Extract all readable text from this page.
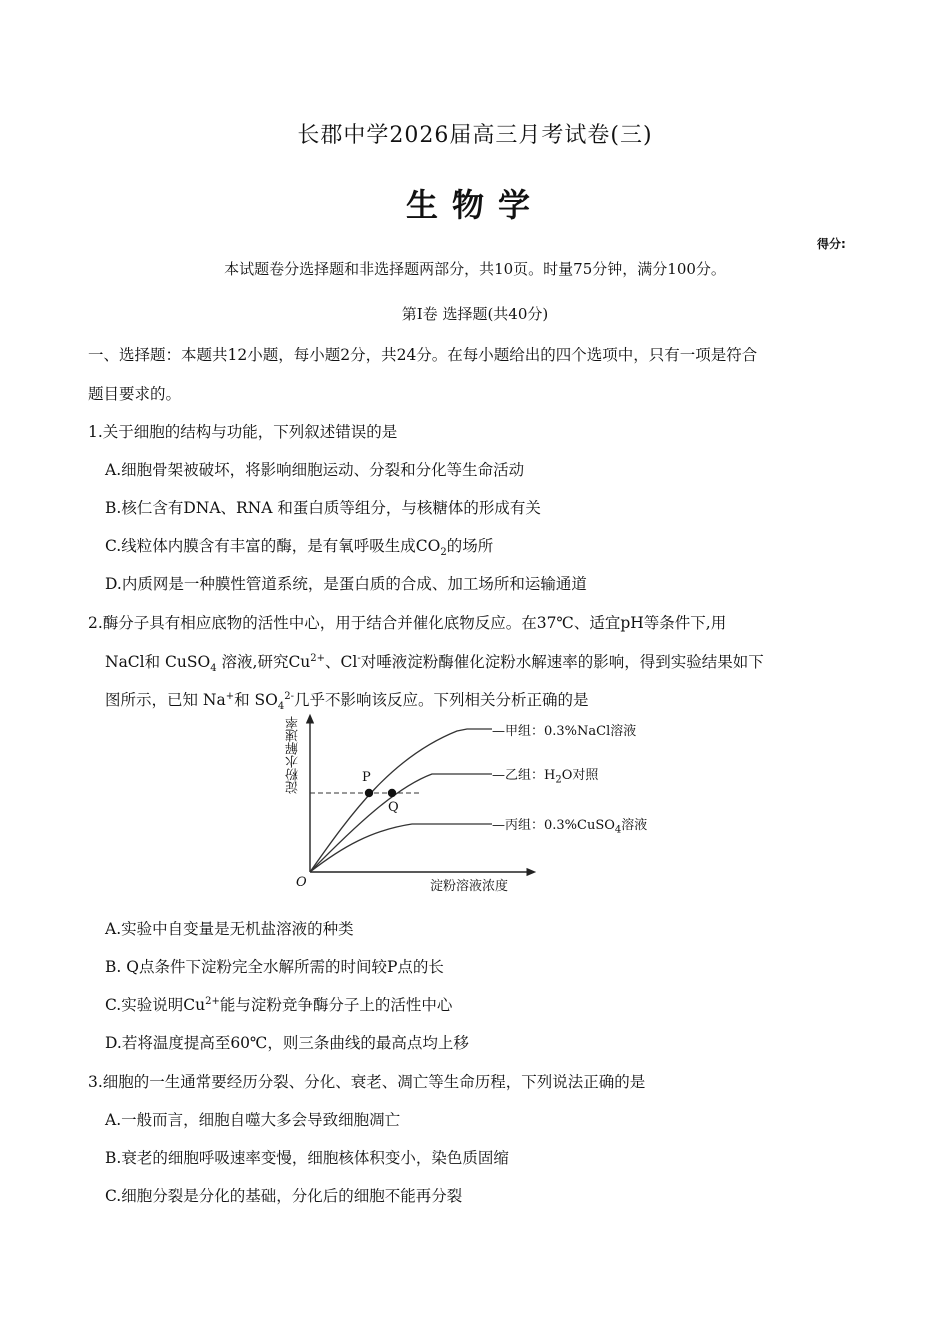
长郡中学2026届高三月考试卷(三)
生物学
得分:
本试题卷分选择题和非选择题两部分，共10页。时量75分钟，满分100分。
第Ⅰ卷 选择题(共40分)
一、选择题：本题共12小题，每小题2分，共24分。在每小题给出的四个选项中，只有一项是符合
题目要求的。
1.关于细胞的结构与功能，下列叙述错误的是
A.细胞骨架被破坏，将影响细胞运动、分裂和分化等生命活动
B.核仁含有DNA、RNA 和蛋白质等组分，与核糖体的形成有关
C.线粒体内膜含有丰富的酶，是有氧呼吸生成$CO_2$的场所
D.内质网是一种膜性管道系统，是蛋白质的合成、加工场所和运输通道
2.酶分子具有相应底物的活性中心，用于结合并催化底物反应。在37℃、适宜pH等条件下,用
NaCl和 CuSO$_4$ 溶液,研究$Cu^{2+}$、Cl-对唾液淀粉酶催化淀粉水解速率的影响，得到实验结果如下
图所示，已知 Na+和 $SO_4^{2-}$几乎不影响该反应。下列相关分析正确的是
P
Q
O	淀粉溶液浓度
淀粉水解速率	—甲组：0.3%NaCl溶液
—乙组：$H_2O$对照
—丙组：0.3%CuSO$_4$溶液
A.实验中自变量是无机盐溶液的种类
B. Q点条件下淀粉完全水解所需的时间较P点的长
C.实验说明$Cu^{2+}$能与淀粉竞争酶分子上的活性中心
D.若将温度提高至60℃，则三条曲线的最高点均上移
3.细胞的一生通常要经历分裂、分化、衰老、凋亡等生命历程，下列说法正确的是
A.一般而言，细胞自噬大多会导致细胞凋亡
B.衰老的细胞呼吸速率变慢，细胞核体积变小，染色质固缩
C.细胞分裂是分化的基础，分化后的细胞不能再分裂
